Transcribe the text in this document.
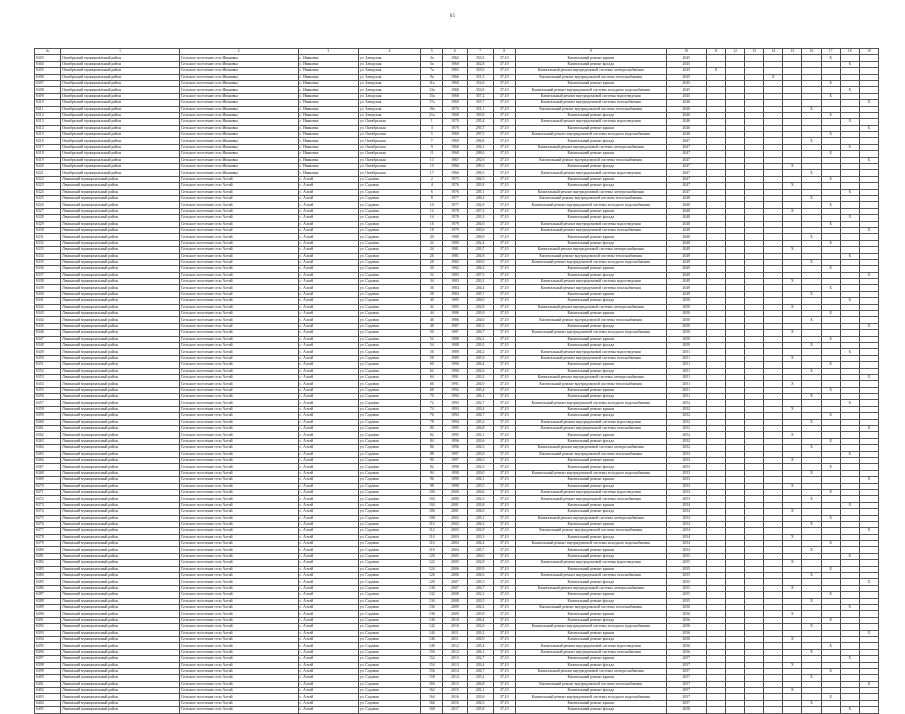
65
№	1	2	3	4	5	6	7	8	9	10	11	12	13	14	15	16	17	18	19
6303	Октябрьский муниципальный район	Сельское поселение село Ивановка	с. Ивановка	ул. Заводская	3а	1962	353,3	37,10	Капитальный ремонт крыши	2045							X		
6304	Октябрьский муниципальный район	Сельское поселение село Ивановка	с. Ивановка	ул. Заводская	5а	1960	362,8	37,10	Капитальный ремонт фасада	2045								X	
6305	Октябрьский муниципальный район	Сельское поселение село Ивановка	с. Ивановка	ул. Заводская	7а	1965	355,0	37,10	Капитальный ремонт внутридомовой системы электроснабжения	2045	X								
6306	Октябрьский муниципальный район	Сельское поселение село Ивановка	с. Ивановка	ул. Заводская	9а	1966	351,5	37,10	Капитальный ремонт внутридомовой системы теплоснабжения	2045				X					
6307	Октябрьский муниципальный район	Сельское поселение село Ивановка	с. Ивановка	ул. Заводская	11а	1968	352,6	37,10	Капитальный ремонт крыши	2045							X		
6308	Октябрьский муниципальный район	Сельское поселение село Ивановка	с. Ивановка	ул. Заводская	13а	1968	353,0	37,10	Капитальный ремонт внутридомовой системы холодного водоснабжения	2045								X	
6309	Октябрьский муниципальный район	Сельское поселение село Ивановка	с. Ивановка	ул. Заводская	15а	1968	357,2	37,10	Капитальный ремонт внутридомовой системы водоотведения	2045							X		
6310	Октябрьский муниципальный район	Сельское поселение село Ивановка	с. Ивановка	ул. Заводская	17а	1969	355,7	37,10	Капитальный ремонт внутридомовой системы газоснабжения	2046									X
6311	Октябрьский муниципальный район	Сельское поселение село Ивановка	с. Ивановка	ул. Заводская	19а	1970	351,1	37,10	Капитальный ремонт внутридомовой системы теплоснабжения	2046						X			
6312	Октябрьский муниципальный район	Сельское поселение село Ивановка	с. Ивановка	ул. Заводская	21а	1968	350,9	37,10	Капитальный ремонт фасада	2046							X		
6313	Октябрьский муниципальный район	Сельское поселение село Ивановка	с. Ивановка	ул. Октябрьская	1	1970	295,4	37,10	Капитальный ремонт внутридомовой системы водоотведения	2046								X	
6314	Октябрьский муниципальный район	Сельское поселение село Ивановка	с. Ивановка	ул. Октябрьская	3	1970	293,7	37,10	Капитальный ремонт крыши	2046									X
6315	Октябрьский муниципальный район	Сельское поселение село Ивановка	с. Ивановка	ул. Октябрьская	5	1969	297,5	37,10	Капитальный ремонт внутридомовой системы холодного водоснабжения	2046							X		
6316	Октябрьский муниципальный район	Сельское поселение село Ивановка	с. Ивановка	ул. Октябрьская	7	1969	296,8	37,10	Капитальный ремонт фасада	2047						X			
6317	Октябрьский муниципальный район	Сельское поселение село Ивановка	с. Ивановка	ул. Октябрьская	9	1968	294,1	37,10	Капитальный ремонт внутридомовой системы электроснабжения	2047								X	
6318	Октябрьский муниципальный район	Сельское поселение село Ивановка	с. Ивановка	ул. Октябрьская	11	1968	298,0	37,10	Капитальный ремонт крыши	2047							X		
6319	Октябрьский муниципальный район	Сельское поселение село Ивановка	с. Ивановка	ул. Октябрьская	13	1967	292,6	37,10	Капитальный ремонт внутридомовой системы теплоснабжения	2047									X
6320	Октябрьский муниципальный район	Сельское поселение село Ивановка	с. Ивановка	ул. Октябрьская	15	1966	299,3	37,10	Капитальный ремонт фасада	2047					X				
6321	Октябрьский муниципальный район	Сельское поселение село Ивановка	с. Ивановка	ул. Октябрьская	17	1966	296,5	37,10	Капитальный ремонт внутридомовой системы водоотведения	2047						X			
6322	Ленинский муниципальный район	Сельское поселение село Алтай	с. Алтай	ул. Садовая	2	1975	204,5	37,10	Капитальный ремонт крыши	2047							X		
6323	Ленинский муниципальный район	Сельское поселение село Алтай	с. Алтай	ул. Садовая	4	1976	203,8	37,10	Капитальный ремонт фасада	2047					X				
6324	Ленинский муниципальный район	Сельское поселение село Алтай	с. Алтай	ул. Садовая	6	1976	205,1	37,10	Капитальный ремонт внутридомовой системы электроснабжения	2047								X	
6325	Ленинский муниципальный район	Сельское поселение село Алтай	с. Алтай	ул. Садовая	8	1977	206,3	37,10	Капитальный ремонт внутридомовой системы теплоснабжения	2048						X			
6326	Ленинский муниципальный район	Сельское поселение село Алтай	с. Алтай	ул. Садовая	10	1977	202,9	37,10	Капитальный ремонт внутридомовой системы холодного водоснабжения	2048							X		
6327	Ленинский муниципальный район	Сельское поселение село Алтай	с. Алтай	ул. Садовая	12	1978	207,2	37,10	Капитальный ремонт крыши	2048					X				
6328	Ленинский муниципальный район	Сельское поселение село Алтай	с. Алтай	ул. Садовая	14	1978	203,3	37,10	Капитальный ремонт фасада	2048								X	
6329	Ленинский муниципальный район	Сельское поселение село Алтай	с. Алтай	ул. Садовая	16	1979	204,0	37,10	Капитальный ремонт внутридомовой системы водоотведения	2048							X		
6330	Ленинский муниципальный район	Сельское поселение село Алтай	с. Алтай	ул. Садовая	18	1979	205,6	37,10	Капитальный ремонт внутридомовой системы газоснабжения	2048									X
6331	Ленинский муниципальный район	Сельское поселение село Алтай	с. Алтай	ул. Садовая	20	1980	206,9	37,10	Капитальный ремонт крыши	2048						X			
6332	Ленинский муниципальный район	Сельское поселение село Алтай	с. Алтай	ул. Садовая	22	1980	202,4	37,10	Капитальный ремонт фасада	2048							X		
6333	Ленинский муниципальный район	Сельское поселение село Алтай	с. Алтай	ул. Садовая	24	1981	203,7	37,10	Капитальный ремонт внутридомовой системы электроснабжения	2049					X				
6334	Ленинский муниципальный район	Сельское поселение село Алтай	с. Алтай	ул. Садовая	26	1981	204,8	37,10	Капитальный ремонт внутридомовой системы теплоснабжения	2049								X	
6335	Ленинский муниципальный район	Сельское поселение село Алтай	с. Алтай	ул. Садовая	28	1982	205,0	37,10	Капитальный ремонт внутридомовой системы холодного водоснабжения	2049						X			
6336	Ленинский муниципальный район	Сельское поселение село Алтай	с. Алтай	ул. Садовая	30	1982	206,2	37,10	Капитальный ремонт крыши	2049							X		
6337	Ленинский муниципальный район	Сельское поселение село Алтай	с. Алтай	ул. Садовая	32	1983	207,5	37,10	Капитальный ремонт фасада	2049									X
6338	Ленинский муниципальный район	Сельское поселение село Алтай	с. Алтай	ул. Садовая	34	1983	203,1	37,10	Капитальный ремонт внутридомовой системы водоотведения	2049					X				
6339	Ленинский муниципальный район	Сельское поселение село Алтай	с. Алтай	ул. Садовая	36	1984	204,4	37,10	Капитальный ремонт внутридомовой системы газоснабжения	2049							X		
6340	Ленинский муниципальный район	Сельское поселение село Алтай	с. Алтай	ул. Садовая	38	1984	205,7	37,10	Капитальный ремонт крыши	2049						X			
6341	Ленинский муниципальный район	Сельское поселение село Алтай	с. Алтай	ул. Садовая	40	1985	206,0	37,10	Капитальный ремонт фасада	2050								X	
6342	Ленинский муниципальный район	Сельское поселение село Алтай	с. Алтай	ул. Садовая	42	1985	202,8	37,10	Капитальный ремонт внутридомовой системы электроснабжения	2050					X				
6343	Ленинский муниципальный район	Сельское поселение село Алтай	с. Алтай	ул. Садовая	44	1986	203,9	37,10	Капитальный ремонт крыши	2050							X		
6344	Ленинский муниципальный район	Сельское поселение село Алтай	с. Алтай	ул. Садовая	46	1986	204,6	37,10	Капитальный ремонт внутридомовой системы теплоснабжения	2050						X			
6345	Ленинский муниципальный район	Сельское поселение село Алтай	с. Алтай	ул. Садовая	48	1987	205,3	37,10	Капитальный ремонт фасада	2050									X
6346	Ленинский муниципальный район	Сельское поселение село Алтай	с. Алтай	ул. Садовая	50	1987	206,7	37,10	Капитальный ремонт внутридомовой системы холодного водоснабжения	2050					X				
6347	Ленинский муниципальный район	Сельское поселение село Алтай	с. Алтай	ул. Садовая	52	1988	202,2	37,10	Капитальный ремонт крыши	2050							X		
6348	Ленинский муниципальный район	Сельское поселение село Алтай	с. Алтай	ул. Садовая	54	1988	203,5	37,10	Капитальный ремонт фасада	2050						X			
6349	Ленинский муниципальный район	Сельское поселение село Алтай	с. Алтай	ул. Садовая	56	1989	204,2	37,10	Капитальный ремонт внутридомовой системы водоотведения	2051								X	
6350	Ленинский муниципальный район	Сельское поселение село Алтай	с. Алтай	ул. Садовая	58	1989	205,9	37,10	Капитальный ремонт внутридомовой системы газоснабжения	2051					X				
6351	Ленинский муниципальный район	Сельское поселение село Алтай	с. Алтай	ул. Садовая	60	1990	206,4	37,10	Капитальный ремонт крыши	2051							X		
6352	Ленинский муниципальный район	Сельское поселение село Алтай	с. Алтай	ул. Садовая	62	1990	202,6	37,10	Капитальный ремонт фасада	2051						X			
6353	Ленинский муниципальный район	Сельское поселение село Алтай	с. Алтай	ул. Садовая	64	1991	203,2	37,10	Капитальный ремонт внутридомовой системы электроснабжения	2051									X
6354	Ленинский муниципальный район	Сельское поселение село Алтай	с. Алтай	ул. Садовая	66	1991	204,9	37,10	Капитальный ремонт внутридомовой системы теплоснабжения	2051					X				
6355	Ленинский муниципальный район	Сельское поселение село Алтай	с. Алтай	ул. Садовая	68	1992	205,4	37,10	Капитальный ремонт крыши	2051							X		
6356	Ленинский муниципальный район	Сельское поселение село Алтай	с. Алтай	ул. Садовая	70	1992	206,1	37,10	Капитальный ремонт фасада	2051						X			
6357	Ленинский муниципальный район	Сельское поселение село Алтай	с. Алтай	ул. Садовая	72	1993	202,7	37,10	Капитальный ремонт внутридомовой системы холодного водоснабжения	2052								X	
6358	Ленинский муниципальный район	Сельское поселение село Алтай	с. Алтай	ул. Садовая	74	1993	203,4	37,10	Капитальный ремонт крыши	2052					X				
6359	Ленинский муниципальный район	Сельское поселение село Алтай	с. Алтай	ул. Садовая	76	1994	204,7	37,10	Капитальный ремонт фасада	2052							X		
6360	Ленинский муниципальный район	Сельское поселение село Алтай	с. Алтай	ул. Садовая	78	1994	205,2	37,10	Капитальный ремонт внутридомовой системы водоотведения	2052						X			
6361	Ленинский муниципальный район	Сельское поселение село Алтай	с. Алтай	ул. Садовая	80	1995	206,8	37,10	Капитальный ремонт внутридомовой системы газоснабжения	2052									X
6362	Ленинский муниципальный район	Сельское поселение село Алтай	с. Алтай	ул. Садовая	82	1995	202,1	37,10	Капитальный ремонт крыши	2052					X				
6363	Ленинский муниципальный район	Сельское поселение село Алтай	с. Алтай	ул. Садовая	84	1996	203,6	37,10	Капитальный ремонт фасада	2052							X		
6364	Ленинский муниципальный район	Сельское поселение село Алтай	с. Алтай	ул. Садовая	86	1996	204,3	37,10	Капитальный ремонт внутридомовой системы электроснабжения	2052						X			
6365	Ленинский муниципальный район	Сельское поселение село Алтай	с. Алтай	ул. Садовая	88	1997	205,8	37,10	Капитальный ремонт внутридомовой системы теплоснабжения	2053								X	
6366	Ленинский муниципальный район	Сельское поселение село Алтай	с. Алтай	ул. Садовая	90	1997	206,5	37,10	Капитальный ремонт крыши	2053					X				
6367	Ленинский муниципальный район	Сельское поселение село Алтай	с. Алтай	ул. Садовая	92	1998	202,3	37,10	Капитальный ремонт фасада	2053							X		
6368	Ленинский муниципальный район	Сельское поселение село Алтай	с. Алтай	ул. Садовая	94	1998	203,0	37,10	Капитальный ремонт внутридомовой системы холодного водоснабжения	2053						X			
6369	Ленинский муниципальный район	Сельское поселение село Алтай	с. Алтай	ул. Садовая	96	1999	204,1	37,10	Капитальный ремонт крыши	2053									X
6370	Ленинский муниципальный район	Сельское поселение село Алтай	с. Алтай	ул. Садовая	98	1999	205,5	37,10	Капитальный ремонт фасада	2053					X				
6371	Ленинский муниципальный район	Сельское поселение село Алтай	с. Алтай	ул. Садовая	100	2000	206,6	37,10	Капитальный ремонт внутридомовой системы водоотведения	2053							X		
6372	Ленинский муниципальный район	Сельское поселение село Алтай	с. Алтай	ул. Садовая	102	2000	202,5	37,10	Капитальный ремонт внутридомовой системы газоснабжения	2053						X			
6373	Ленинский муниципальный район	Сельское поселение село Алтай	с. Алтай	ул. Садовая	104	2001	203,8	37,10	Капитальный ремонт крыши	2054								X	
6374	Ленинский муниципальный район	Сельское поселение село Алтай	с. Алтай	ул. Садовая	106	2001	204,0	37,10	Капитальный ремонт фасада	2054					X				
6375	Ленинский муниципальный район	Сельское поселение село Алтай	с. Алтай	ул. Садовая	108	2002	205,1	37,10	Капитальный ремонт внутридомовой системы электроснабжения	2054							X		
6376	Ленинский муниципальный район	Сельское поселение село Алтай	с. Алтай	ул. Садовая	110	2002	206,2	37,10	Капитальный ремонт крыши	2054						X			
6377	Ленинский муниципальный район	Сельское поселение село Алтай	с. Алтай	ул. Садовая	112	2003	202,9	37,10	Капитальный ремонт внутридомовой системы теплоснабжения	2054									X
6378	Ленинский муниципальный район	Сельское поселение село Алтай	с. Алтай	ул. Садовая	114	2003	203,3	37,10	Капитальный ремонт фасада	2054					X				
6379	Ленинский муниципальный район	Сельское поселение село Алтай	с. Алтай	ул. Садовая	116	2004	204,4	37,10	Капитальный ремонт внутридомовой системы холодного водоснабжения	2054							X		
6380	Ленинский муниципальный район	Сельское поселение село Алтай	с. Алтай	ул. Садовая	118	2004	205,7	37,10	Капитальный ремонт крыши	2054						X			
6381	Ленинский муниципальный район	Сельское поселение село Алтай	с. Алтай	ул. Садовая	120	2005	206,0	37,10	Капитальный ремонт фасада	2055								X	
6382	Ленинский муниципальный район	Сельское поселение село Алтай	с. Алтай	ул. Садовая	122	2005	202,8	37,10	Капитальный ремонт внутридомовой системы водоотведения	2055					X				
6383	Ленинский муниципальный район	Сельское поселение село Алтай	с. Алтай	ул. Садовая	124	2006	203,9	37,10	Капитальный ремонт крыши	2055							X		
6384	Ленинский муниципальный район	Сельское поселение село Алтай	с. Алтай	ул. Садовая	126	2006	204,6	37,10	Капитальный ремонт внутридомовой системы газоснабжения	2055						X			
6385	Ленинский муниципальный район	Сельское поселение село Алтай	с. Алтай	ул. Садовая	128	2007	205,3	37,10	Капитальный ремонт фасада	2055									X
6386	Ленинский муниципальный район	Сельское поселение село Алтай	с. Алтай	ул. Садовая	130	2007	206,7	37,10	Капитальный ремонт внутридомовой системы электроснабжения	2055					X				
6387	Ленинский муниципальный район	Сельское поселение село Алтай	с. Алтай	ул. Садовая	132	2008	202,2	37,10	Капитальный ремонт крыши	2055							X		
6388	Ленинский муниципальный район	Сельское поселение село Алтай	с. Алтай	ул. Садовая	134	2008	203,5	37,10	Капитальный ремонт фасада	2055						X			
6389	Ленинский муниципальный район	Сельское поселение село Алтай	с. Алтай	ул. Садовая	136	2009	204,2	37,10	Капитальный ремонт внутридомовой системы теплоснабжения	2056								X	
6390	Ленинский муниципальный район	Сельское поселение село Алтай	с. Алтай	ул. Садовая	138	2009	205,9	37,10	Капитальный ремонт крыши	2056					X				
6391	Ленинский муниципальный район	Сельское поселение село Алтай	с. Алтай	ул. Садовая	140	2010	206,4	37,10	Капитальный ремонт фасада	2056							X		
6392	Ленинский муниципальный район	Сельское поселение село Алтай	с. Алтай	ул. Садовая	142	2010	202,6	37,10	Капитальный ремонт внутридомовой системы холодного водоснабжения	2056						X			
6393	Ленинский муниципальный район	Сельское поселение село Алтай	с. Алтай	ул. Садовая	144	2011	203,2	37,10	Капитальный ремонт крыши	2056									X
6394	Ленинский муниципальный район	Сельское поселение село Алтай	с. Алтай	ул. Садовая	146	2011	204,9	37,10	Капитальный ремонт фасада	2056					X				
6395	Ленинский муниципальный район	Сельское поселение село Алтай	с. Алтай	ул. Садовая	148	2012	205,4	37,10	Капитальный ремонт внутридомовой системы водоотведения	2056							X		
6396	Ленинский муниципальный район	Сельское поселение село Алтай	с. Алтай	ул. Садовая	150	2012	206,1	37,10	Капитальный ремонт внутридомовой системы газоснабжения	2056						X			
6397	Ленинский муниципальный район	Сельское поселение село Алтай	с. Алтай	ул. Садовая	152	2013	202,7	37,10	Капитальный ремонт крыши	2057								X	
6398	Ленинский муниципальный район	Сельское поселение село Алтай	с. Алтай	ул. Садовая	154	2013	203,4	37,10	Капитальный ремонт фасада	2057					X				
6399	Ленинский муниципальный район	Сельское поселение село Алтай	с. Алтай	ул. Садовая	156	2014	204,7	37,10	Капитальный ремонт внутридомовой системы электроснабжения	2057							X		
6400	Ленинский муниципальный район	Сельское поселение село Алтай	с. Алтай	ул. Садовая	158	2014	205,2	37,10	Капитальный ремонт крыши	2057						X			
6401	Ленинский муниципальный район	Сельское поселение село Алтай	с. Алтай	ул. Садовая	160	2015	206,8	37,10	Капитальный ремонт внутридомовой системы теплоснабжения	2057									X
6402	Ленинский муниципальный район	Сельское поселение село Алтай	с. Алтай	ул. Садовая	162	2015	202,1	37,10	Капитальный ремонт фасада	2057					X				
6403	Ленинский муниципальный район	Сельское поселение село Алтай	с. Алтай	ул. Садовая	164	2016	203,6	37,10	Капитальный ремонт внутридомовой системы холодного водоснабжения	2057							X		
6404	Ленинский муниципальный район	Сельское поселение село Алтай	с. Алтай	ул. Садовая	166	2016	204,3	37,10	Капитальный ремонт крыши	2057						X			
6405	Ленинский муниципальный район	Сельское поселение село Алтай	с. Алтай	ул. Садовая	168	2017	205,8	37,10	Капитальный ремонт фасада	2058								X	
